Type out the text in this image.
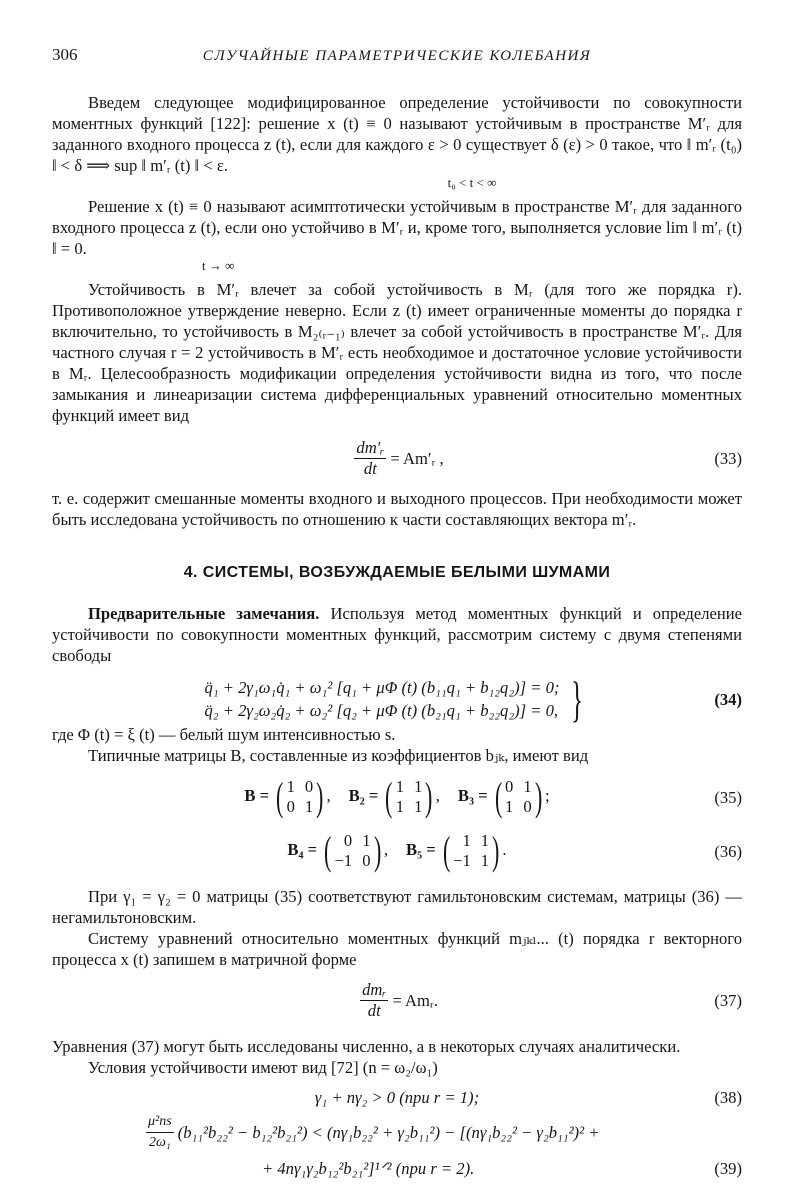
306	СЛУЧАЙНЫЕ ПАРАМЕТРИЧЕСКИЕ КОЛЕБАНИЯ

Введем следующее модифицированное определение устойчивости по совокупности моментных функций [122]: решение x (t) ≡ 0 называют устойчивым в пространстве M′ᵣ для заданного входного процесса z (t), если для каждого ε > 0 существует δ (ε) > 0 такое, что ‖ m′ᵣ (t₀) ‖ < δ ⟹ sup ‖ m′ᵣ (t) ‖ < ε.

t₀ < t < ∞

Решение x (t) ≡ 0 называют асимптотически устойчивым в пространстве M′ᵣ для заданного входного процесса z (t), если оно устойчиво в M′ᵣ и, кроме того, выполняется условие lim ‖ m′ᵣ (t) ‖ = 0.

t → ∞

Устойчивость в M′ᵣ влечет за собой устойчивость в Mᵣ (для того же порядка r). Противоположное утверждение неверно. Если z (t) имеет ограниченные моменты до порядка r включительно, то устойчивость в M₂₍ᵣ₋₁₎ влечет за собой устойчивость в пространстве M′ᵣ. Для частного случая r = 2 устойчивость в M′ᵣ есть необходимое и достаточное условие устойчивости в Mᵣ. Целесообразность модификации определения устойчивости видна из того, что после замыкания и линеаризации система дифференциальных уравнений относительно моментных функций имеет вид

$\frac{\text{dm′ᵣ}}{dt}$ = Am′ᵣ ,	(33)

т. е. содержит смешанные моменты входного и выходного процессов. При необходимости может быть исследована устойчивость по отношению к части составляющих вектора m′ᵣ.

4. СИСТЕМЫ, ВОЗБУЖДАЕМЫЕ БЕЛЫМИ ШУМАМИ

Предварительные замечания. Используя метод моментных функций и определение устойчивости по совокупности моментных функций, рассмотрим систему с двумя степенями свободы

q̈₁ + 2γ₁ω₁q̇₁ + ω₁² [q₁ + μΦ (t) (b₁₁q₁ + b₁₂q₂)] = 0;
q̈₂ + 2γ₂ω₂q̇₂ + ω₂² [q₂ + μΦ (t) (b₂₁q₁ + b₂₂q₂)] = 0, }	(34)

где Φ (t) = ξ (t) — белый шум интенсивностью s.

Типичные матрицы B, составленные из коэффициентов bⱼₖ, имеют вид

B = ( 1 0
0 1 ) , B₂ = ( 1 1
1 1 ) , B₃ = ( 0 1
1 0 ) ;	(35)
B₄ = ( 0 1
−1 0 ) , B₅ = ( 1 1
−1 1 ) .	(36)

При γ₁ = γ₂ = 0 матрицы (35) соответствуют гамильтоновским системам, матрицы (36) — негамильтоновским.

Систему уравнений относительно моментных функций mⱼₖₗ... (t) порядка r векторного процесса x (t) запишем в матричной форме

$\frac{\text{dmᵣ}}{dt}$ = Amᵣ.	(37)

Уравнения (37) могут быть исследованы численно, а в некоторых случаях аналитически.

Условия устойчивости имеют вид [72] (n = ω₂/ω₁)

γ₁ + nγ₂ > 0 (при r = 1);	(38)
$\frac{\text{μ²ns}}{\text{2ω₁}} (b_{11}^2b_{22}^2 - b_{12}^2b_{21}^2) < (n\gamma_1b_{22}^2 + \gamma_2b_{11}^2) - [(n\gamma_1b_{22}^2 - \gamma_2b_{11}^2)^2$ +
+ 4nγ₁γ₂b₁₂²b₂₁²]¹ᐟ² (при r = 2).	(39)
